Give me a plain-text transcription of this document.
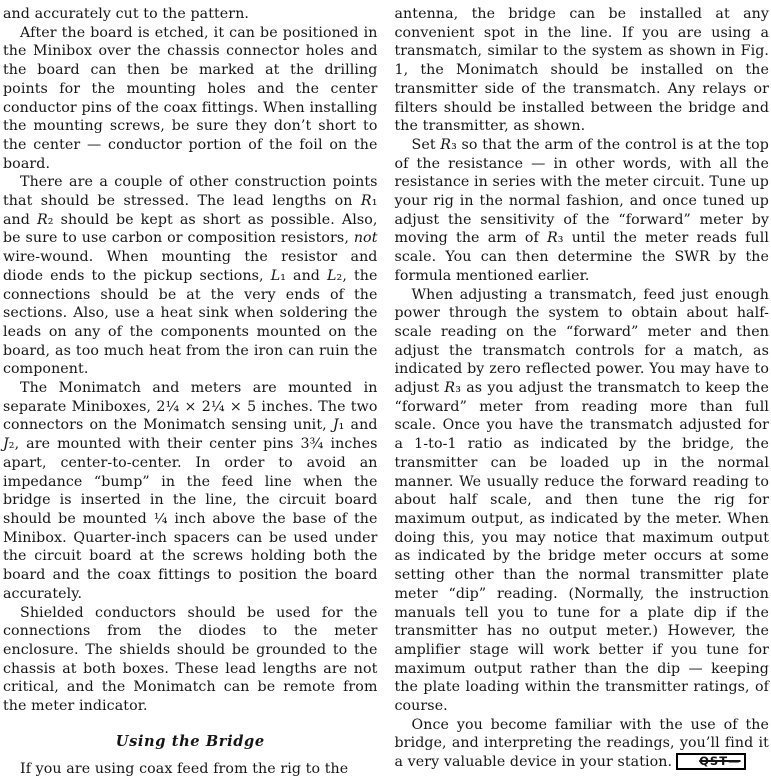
and accurately cut to the pattern.

After the board is etched, it can be positioned in the Minibox over the chassis connector holes and the board can then be marked at the drilling points for the mounting holes and the center conductor pins of the coax fittings. When installing the mounting screws, be sure they don’t short to the center — conductor portion of the foil on the board.

There are a couple of other construction points that should be stressed. The lead lengths on R₁ and R₂ should be kept as short as possible. Also, be sure to use carbon or composition resistors, not wire-wound. When mounting the resistor and diode ends to the pickup sections, L₁ and L₂, the connections should be at the very ends of the sections. Also, use a heat sink when soldering the leads on any of the components mounted on the board, as too much heat from the iron can ruin the component.

The Monimatch and meters are mounted in separate Miniboxes, 2¼ × 2¼ × 5 inches. The two connectors on the Monimatch sensing unit, J₁ and J₂, are mounted with their center pins 3¾ inches apart, center-to-center. In order to avoid an impedance “bump” in the feed line when the bridge is inserted in the line, the circuit board should be mounted ¼ inch above the base of the Minibox. Quarter-inch spacers can be used under the circuit board at the screws holding both the board and the coax fittings to position the board accurately.

Shielded conductors should be used for the connections from the diodes to the meter enclosure. The shields should be grounded to the chassis at both boxes. These lead lengths are not critical, and the Monimatch can be remote from the meter indicator.

Using the Bridge

If you are using coax feed from the rig to the

antenna, the bridge can be installed at any convenient spot in the line. If you are using a transmatch, similar to the system as shown in Fig. 1, the Monimatch should be installed on the transmitter side of the transmatch. Any relays or filters should be installed between the bridge and the transmitter, as shown.

Set R₃ so that the arm of the control is at the top of the resistance — in other words, with all the resistance in series with the meter circuit. Tune up your rig in the normal fashion, and once tuned up adjust the sensitivity of the “forward” meter by moving the arm of R₃ until the meter reads full scale. You can then determine the SWR by the formula mentioned earlier.

When adjusting a transmatch, feed just enough power through the system to obtain about half-scale reading on the “forward” meter and then adjust the transmatch controls for a match, as indicated by zero reflected power. You may have to adjust R₃ as you adjust the transmatch to keep the “forward” meter from reading more than full scale. Once you have the transmatch adjusted for a 1-to-1 ratio as indicated by the bridge, the transmitter can be loaded up in the normal manner. We usually reduce the forward reading to about half scale, and then tune the rig for maximum output, as indicated by the meter. When doing this, you may notice that maximum output as indicated by the bridge meter occurs at some setting other than the normal transmitter plate meter “dip” reading. (Normally, the instruction manuals tell you to tune for a plate dip if the transmitter has no output meter.) However, the amplifier stage will work better if you tune for maximum output rather than the dip — keeping the plate loading within the transmitter ratings, of course.

Once you become familiar with the use of the bridge, and interpreting the readings, you’ll find it a very valuable device in your station. QST—
